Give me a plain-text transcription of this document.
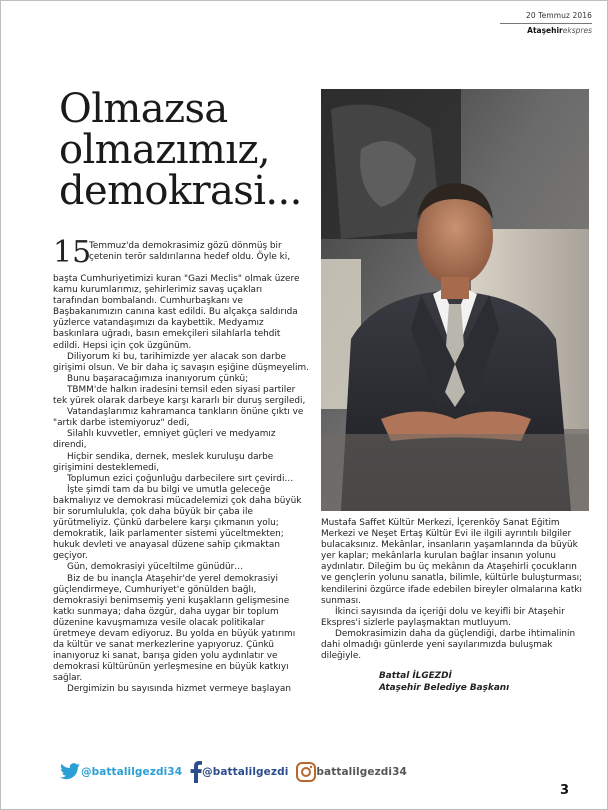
20 Temmuz 2016
Ataşehirekspres
Olmazsa
olmazımız,
demokrasi...
15
Temmuz'da demokrasimiz gözü dönmüş bir
çetenin terör saldırılarına hedef oldu. Öyle ki,

başta Cumhuriyetimizi kuran "Gazi Meclis" olmak üzere kamu kurumlarımız, şehirlerimiz savaş uçakları tarafından bombalandı. Cumhurbaşkanı ve Başbakanımızın canına kast edildi. Bu alçakça saldırıda yüzlerce vatandaşımızı da kaybettik. Medyamız baskınlara uğradı, basın emekçileri silahlarla tehdit edildi. Hepsi için çok üzgünüm.

Diliyorum ki bu, tarihimizde yer alacak son darbe girişimi olsun. Ve bir daha iç savaşın eşiğine düşmeyelim.

Bunu başaracağımıza inanıyorum çünkü;

TBMM'de halkın iradesini temsil eden siyasi partiler tek yürek olarak darbeye karşı kararlı bir duruş sergiledi,

Vatandaşlarımız kahramanca tankların önüne çıktı ve "artık darbe istemiyoruz" dedi,

Silahlı kuvvetler, emniyet güçleri ve medyamız direndi,

Hiçbir sendika, dernek, meslek kuruluşu darbe girişimini desteklemedi,

Toplumun ezici çoğunluğu darbecilere sırt çevirdi…

İşte şimdi tam da bu bilgi ve umutla geleceğe bakmalıyız ve demokrasi mücadelemizi çok daha büyük bir sorumlulukla, çok daha büyük bir çaba ile yürütmeliyiz. Çünkü darbelere karşı çıkmanın yolu; demokratik, laik parlamenter sistemi yüceltmekten; hukuk devleti ve anayasal düzene sahip çıkmaktan geçiyor.

Gün, demokrasiyi yüceltilme günüdür…

Biz de bu inançla Ataşehir'de yerel demokrasiyi güçlendirmeye, Cumhuriyet'e gönülden bağlı, demokrasiyi benimsemiş yeni kuşakların gelişmesine katkı sunmaya; daha özgür, daha uygar bir toplum düzenine kavuşmamıza vesile olacak politikalar üretmeye devam ediyoruz. Bu yolda en büyük yatırımı da kültür ve sanat merkezlerine yapıyoruz. Çünkü inanıyoruz ki sanat, barışa giden yolu aydınlatır ve demokrasi kültürünün yerleşmesine en büyük katkıyı sağlar.

Dergimizin bu sayısında hizmet vermeye başlayan

Mustafa Saffet Kültür Merkezi, İçerenköy Sanat Eğitim Merkezi ve Neşet Ertaş Kültür Evi ile ilgili ayrıntılı bilgiler bulacaksınız. Mekânlar, insanların yaşamlarında da büyük yer kaplar; mekânlarla kurulan bağlar insanın yolunu aydınlatır. Dileğim bu üç mekânın da Ataşehirli çocukların ve gençlerin yolunu sanatla, bilimle, kültürle buluşturması; kendilerini özgürce ifade edebilen bireyler olmalarına katkı sunması.

İkinci sayısında da içeriği dolu ve keyifli bir Ataşehir Ekspres'i sizlerle paylaşmaktan mutluyum.

Demokrasimizin daha da güçlendiği, darbe ihtimalinin dahi olmadığı günlerde yeni sayılarımızda buluşmak dileğiyle.

Battal İLGEZDİ
Ataşehir Belediye Başkanı
@battalilgezdi34 @battalilgezdi	battalilgezdi34
3
